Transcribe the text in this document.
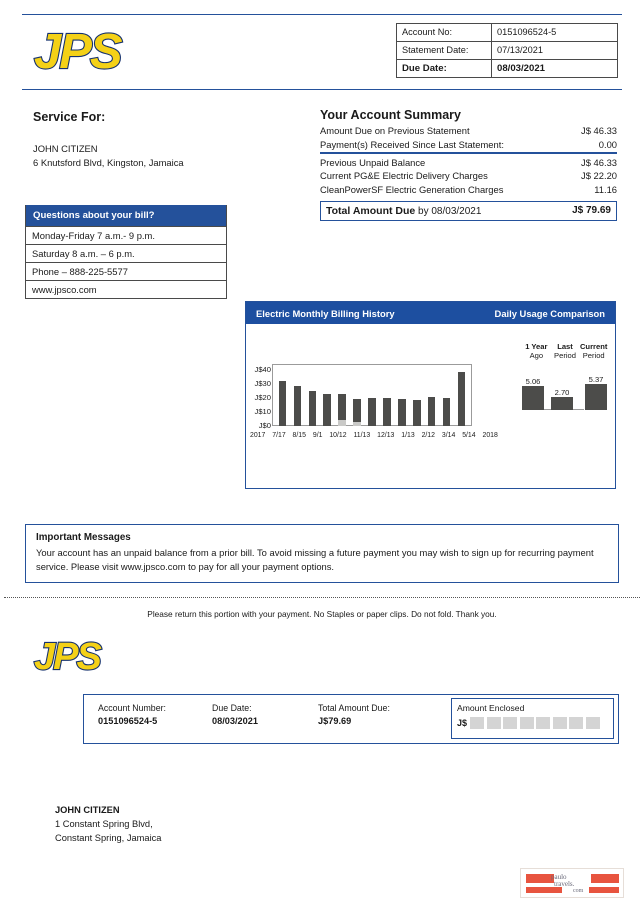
JPS	Account No:	0151096524-5
Statement Date:	07/13/2021
Due Date:	08/03/2021
Service For:
JOHN CITIZEN
6 Knutsford Blvd, Kingston, Jamaica
Questions about your bill?
Monday-Friday 7 a.m.- 9 p.m.
Saturday 8 a.m. – 6 p.m.
Phone – 888-225-5577
www.jpsco.com
Your Account Summary
Amount Due on Previous Statement	J$ 46.33
Payment(s) Received Since Last Statement:	0.00
Previous Unpaid Balance	J$ 46.33
Current PG&E Electric Delivery Charges	J$ 22.20
CleanPowerSF Electric Generation Charges	11.16
Total Amount Due by 08/03/2021	J$ 79.69
Electric Monthly Billing History	Daily Usage Comparison
J$40
J$30
J$20
J$10
J$0
2017 7/17 8/15 9/1 10/12 11/13 12/13 1/13 2/12 3/14 5/14 2018
1 Year	Last Current
Ago	Period Period
5.06
2.70
5.37
Important Messages

Your account has an unpaid balance from a prior bill. To avoid missing a future payment you may wish to sign up for recurring payment service. Please visit www.jpsco.com to pay for all your payment options.

Please return this portion with your payment. No Staples or paper clips. Do not fold. Thank you.
JPS
Account Number:
0151096524-5
Due Date:
08/03/2021
Total Amount Due:
J$79.69
Amount Enclosed
J$
JOHN CITIZEN
1 Constant Spring Blvd,
Constant Spring, Jamaica
paulo
travels.
com
